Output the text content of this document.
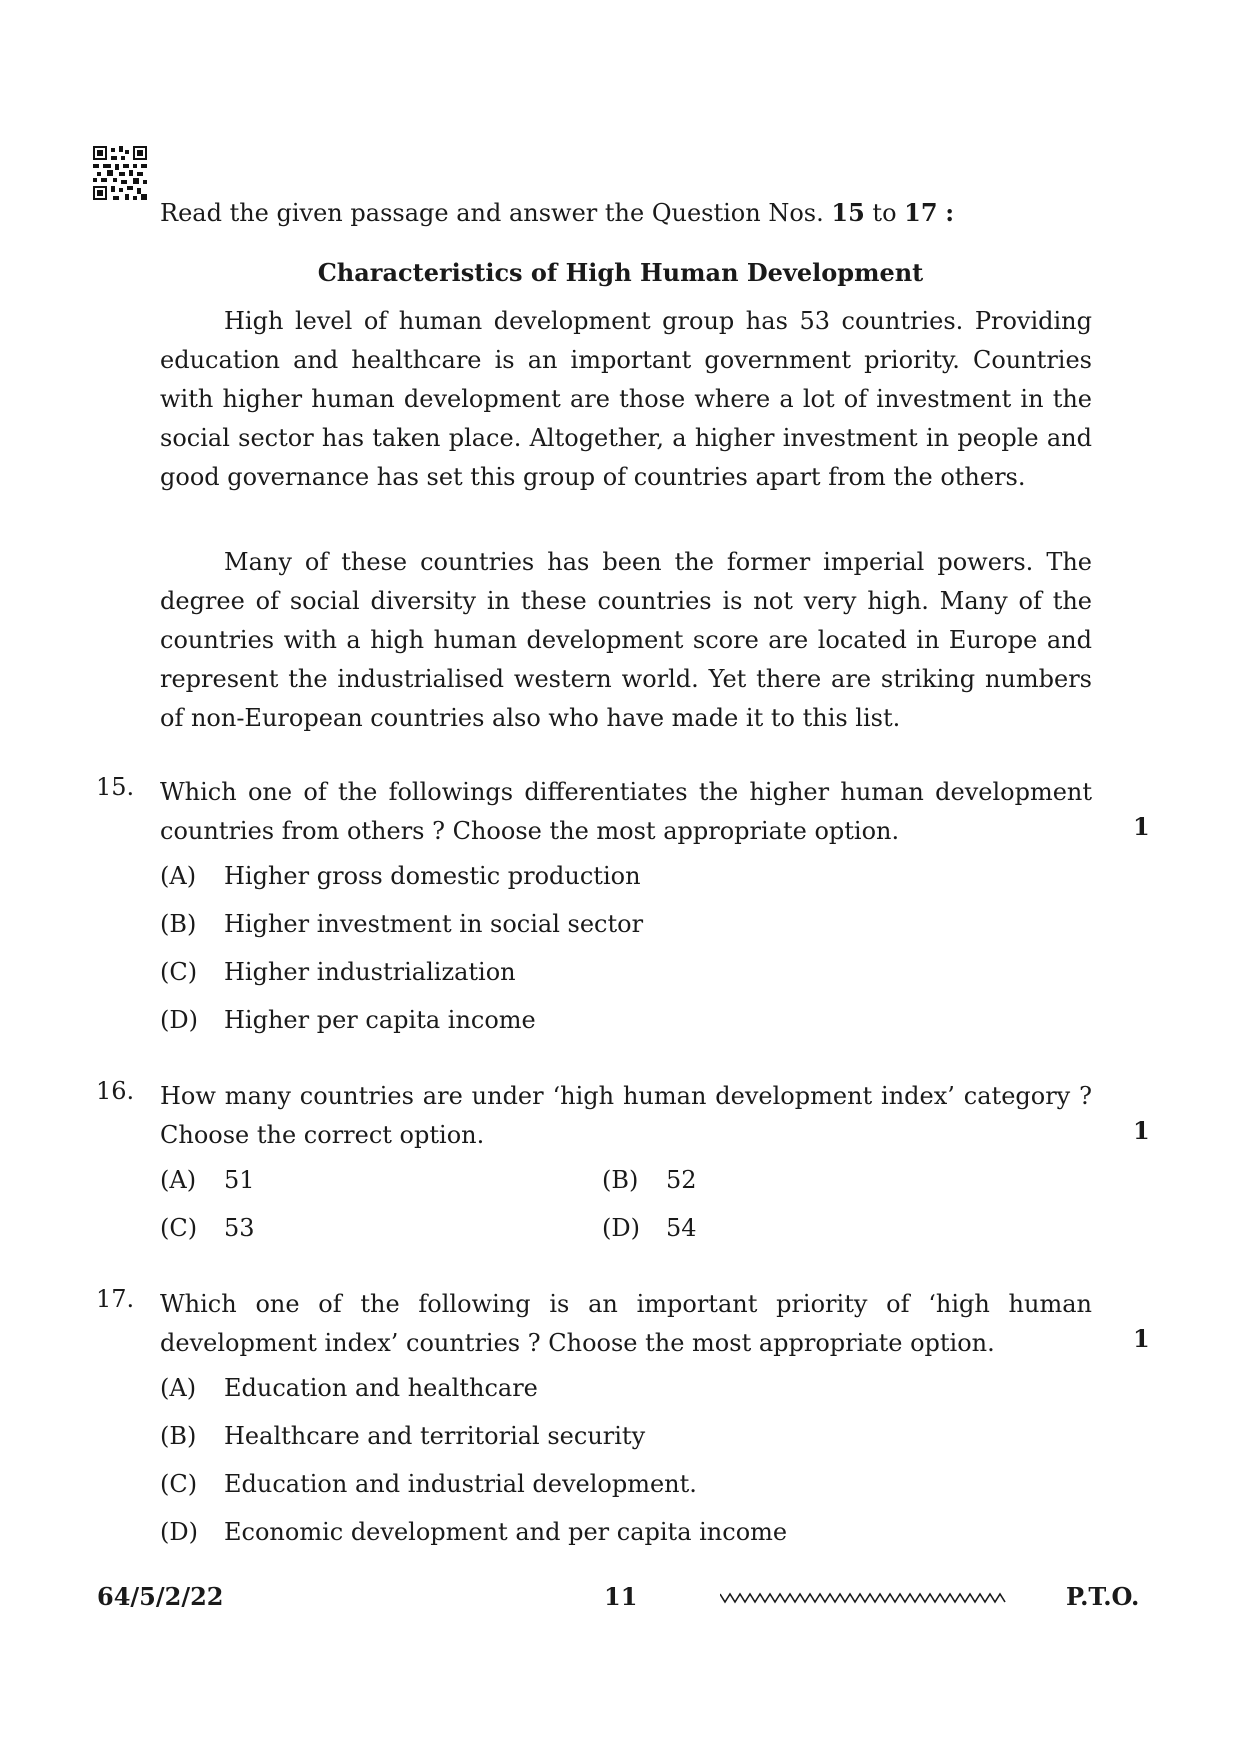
Read the given passage and answer the Question Nos. 15 to 17 :
Characteristics of High Human Development

High level of human development group has 53 countries. Providing education and healthcare is an important government priority. Countries with higher human development are those where a lot of investment in the social sector has taken place. Altogether, a higher investment in people and good governance has set this group of countries apart from the others.

Many of these countries has been the former imperial powers. The degree of social diversity in these countries is not very high. Many of the countries with a high human development score are located in Europe and represent the industrialised western world. Yet there are striking numbers of non-European countries also who have made it to this list.

15. Which one of the followings differentiates the higher human development countries from others ? Choose the most appropriate option.	1
(A) Higher gross domestic production
(B) Higher investment in social sector
(C) Higher industrialization
(D) Higher per capita income
16. How many countries are under ‘high human development index’ category ? Choose the correct option.	1
(A) 51	(B) 52
(C) 53	(D) 54
17. Which one of the following is an important priority of ‘high human development index’ countries ? Choose the most appropriate option.	1
(A) Education and healthcare
(B) Healthcare and territorial security
(C) Education and industrial development.
(D) Economic development and per capita income
64/5/2/22	11	P.T.O.
